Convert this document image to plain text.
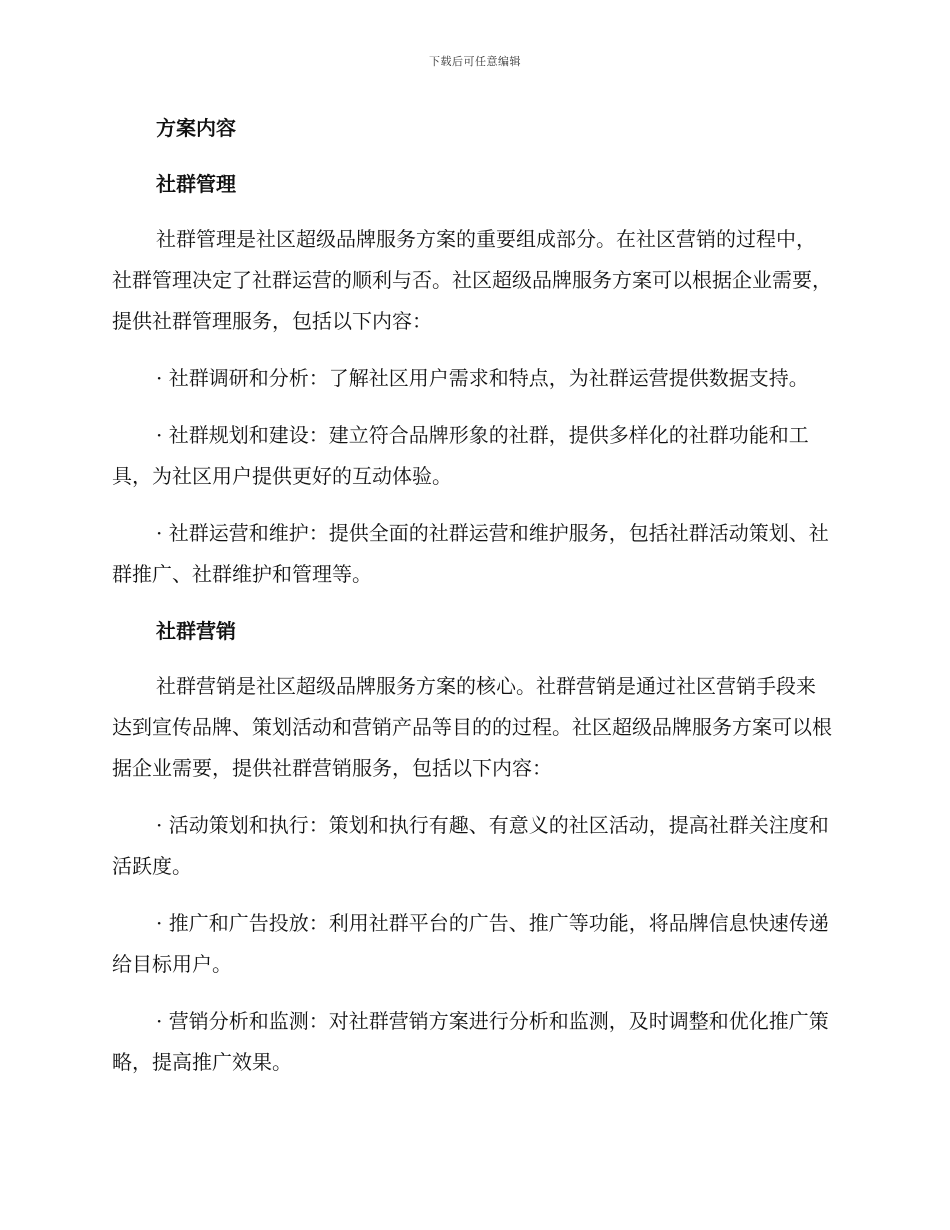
下载后可任意编辑
方案内容
社群管理

社群管理是社区超级品牌服务方案的重要组成部分。在社区营销的过程中，社群管理决定了社群运营的顺利与否。社区超级品牌服务方案可以根据企业需要，提供社群管理服务，包括以下内容：

· 社群调研和分析：了解社区用户需求和特点，为社群运营提供数据支持。

· 社群规划和建设：建立符合品牌形象的社群，提供多样化的社群功能和工具，为社区用户提供更好的互动体验。

· 社群运营和维护：提供全面的社群运营和维护服务，包括社群活动策划、社群推广、社群维护和管理等。

社群营销

社群营销是社区超级品牌服务方案的核心。社群营销是通过社区营销手段来达到宣传品牌、策划活动和营销产品等目的的过程。社区超级品牌服务方案可以根据企业需要，提供社群营销服务，包括以下内容：

· 活动策划和执行：策划和执行有趣、有意义的社区活动，提高社群关注度和活跃度。

· 推广和广告投放：利用社群平台的广告、推广等功能，将品牌信息快速传递给目标用户。

· 营销分析和监测：对社群营销方案进行分析和监测，及时调整和优化推广策略，提高推广效果。
